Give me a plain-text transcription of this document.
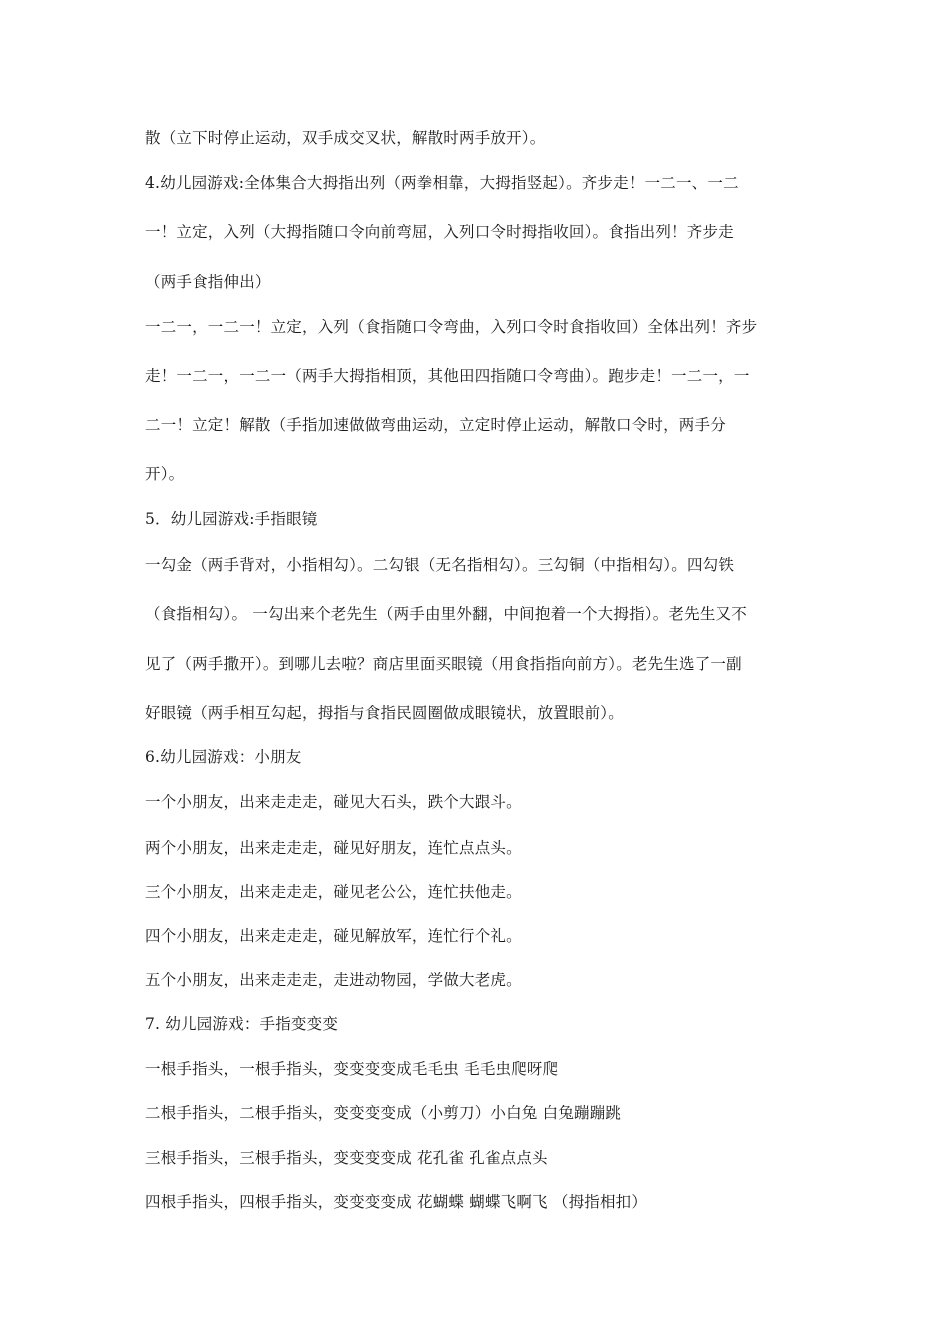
散（立下时停止运动，双手成交叉状，解散时两手放开）。
4.幼儿园游戏:全体集合大拇指出列（两拳相靠，大拇指竖起）。齐步走！一二一、一二
一！立定，入列（大拇指随口令向前弯屈，入列口令时拇指收回）。食指出列！齐步走
（两手食指伸出）
一二一，一二一！立定，入列（食指随口令弯曲，入列口令时食指收回）全体出列！齐步
走！一二一，一二一（两手大拇指相顶，其他田四指随口令弯曲）。跑步走！一二一，一
二一！立定！解散（手指加速做做弯曲运动，立定时停止运动，解散口令时，两手分
开）。
5．幼儿园游戏:手指眼镜
一勾金（两手背对，小指相勾）。二勾银（无名指相勾）。三勾铜（中指相勾）。四勾铁
（食指相勾）。 一勾出来个老先生（两手由里外翻，中间抱着一个大拇指）。老先生又不
见了（两手撒开）。到哪儿去啦？商店里面买眼镜（用食指指向前方）。老先生选了一副
好眼镜（两手相互勾起，拇指与食指民圆圈做成眼镜状，放置眼前）。
6.幼儿园游戏：小朋友
一个小朋友，出来走走走，碰见大石头，跌个大跟斗。
两个小朋友，出来走走走，碰见好朋友，连忙点点头。
三个小朋友，出来走走走，碰见老公公，连忙扶他走。
四个小朋友，出来走走走，碰见解放军，连忙行个礼。
五个小朋友，出来走走走，走进动物园，学做大老虎。
7. 幼儿园游戏：手指变变变
一根手指头，一根手指头，变变变变成毛毛虫 毛毛虫爬呀爬
二根手指头，二根手指头，变变变变成（小剪刀）小白兔 白兔蹦蹦跳
三根手指头，三根手指头，变变变变成 花孔雀 孔雀点点头
四根手指头，四根手指头，变变变变成 花蝴蝶 蝴蝶飞啊飞 （拇指相扣）
